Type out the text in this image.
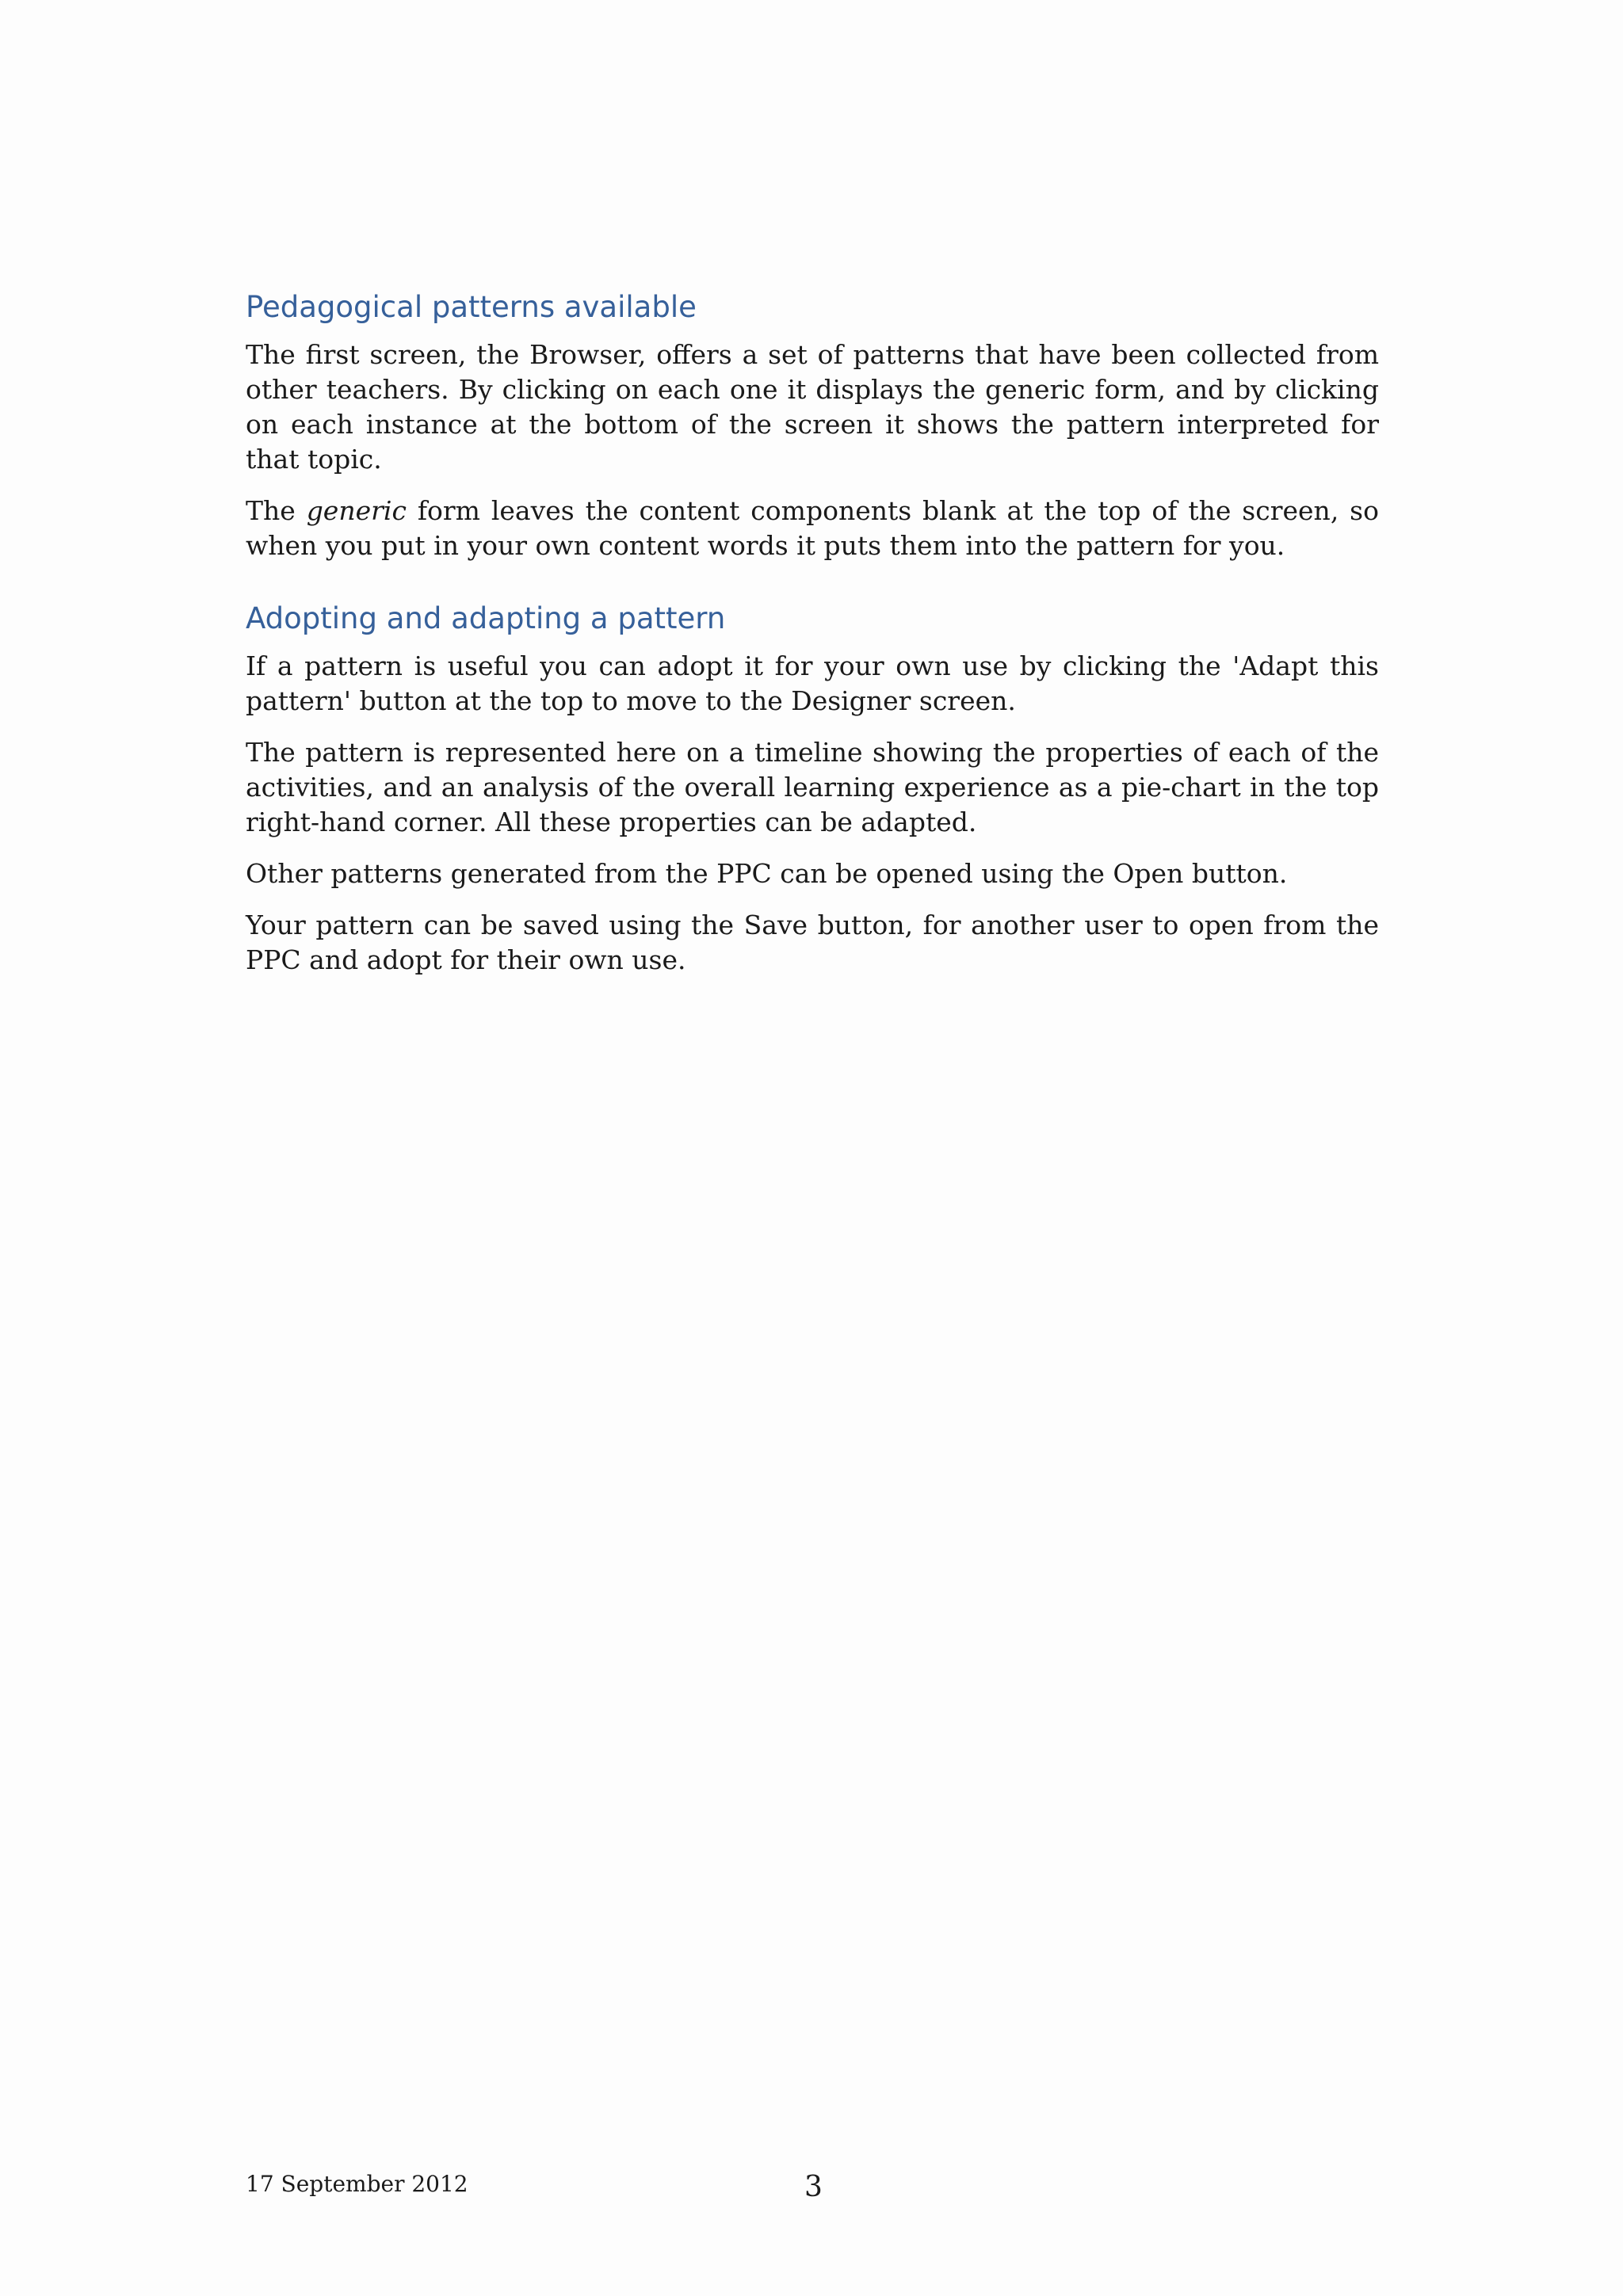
Pedagogical patterns available

The first screen, the Browser, offers a set of patterns that have been collected from other teachers. By clicking on each one it displays the generic form, and by clicking on each instance at the bottom of the screen it shows the pattern interpreted for that topic.

The generic form leaves the content components blank at the top of the screen, so when you put in your own content words it puts them into the pattern for you.

Adopting and adapting a pattern

If a pattern is useful you can adopt it for your own use by clicking the 'Adapt this pattern' button at the top to move to the Designer screen.

The pattern is represented here on a timeline showing the properties of each of the activities, and an analysis of the overall learning experience as a pie-chart in the top right-hand corner. All these properties can be adapted.

Other patterns generated from the PPC can be opened using the Open button.

Your pattern can be saved using the Save button, for another user to open from the PPC and adopt for their own use.

17 September 2012	3
